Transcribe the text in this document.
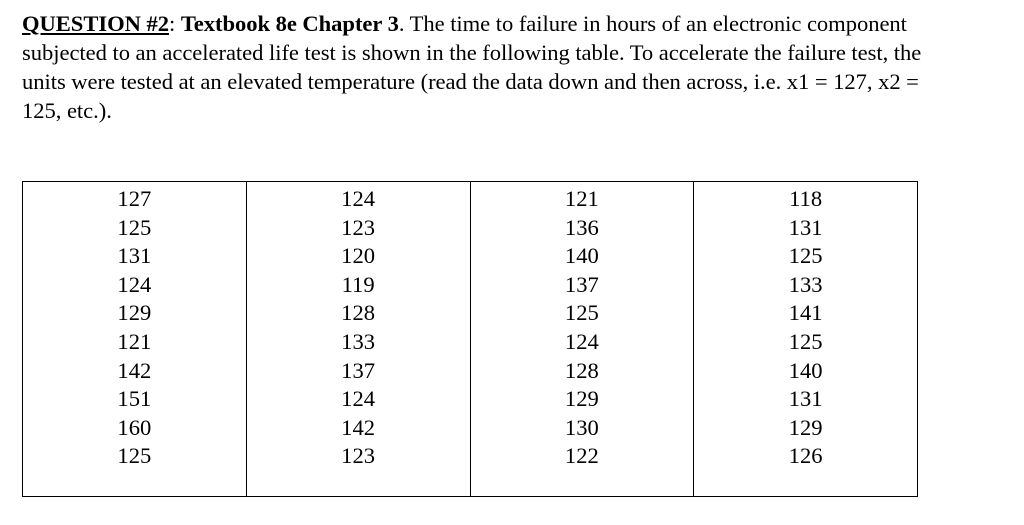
QUESTION #2: Textbook 8e Chapter 3. The time to failure in hours of an electronic component subjected to an accelerated life test is shown in the following table. To accelerate the failure test, the units were tested at an elevated temperature (read the data down and then across, i.e. x1 = 127, x2 = 125, etc.).
127
125
131
124
129
121
142
151
160
125
124
123
120
119
128
133
137
124
142
123
121
136
140
137
125
124
128
129
130
122
118
131
125
133
141
125
140
131
129
126
